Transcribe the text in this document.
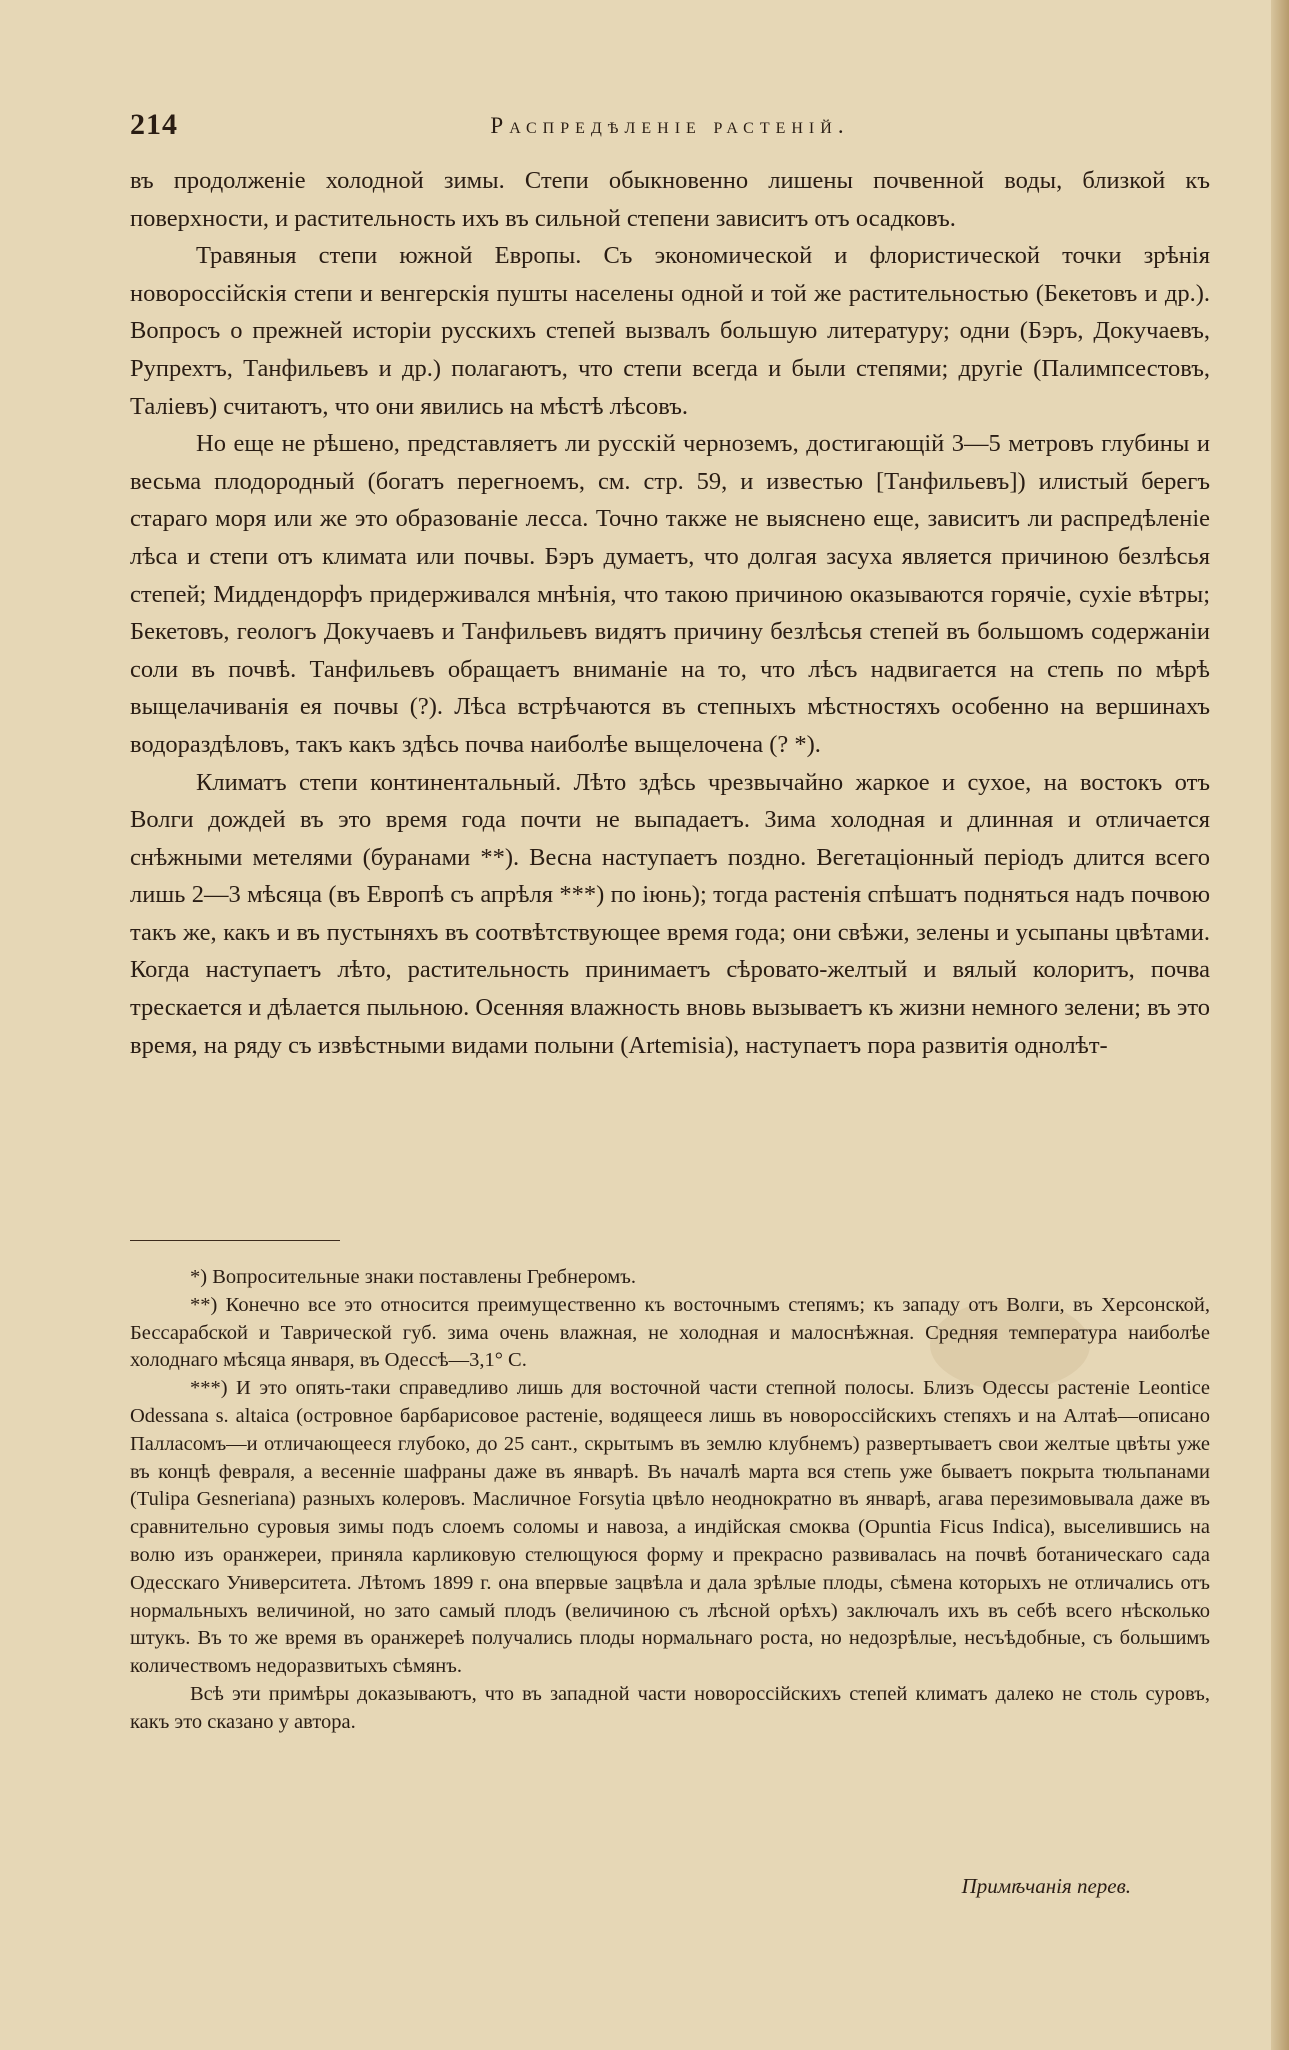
214	Распредѣленіе растеній.

въ продолженіе холодной зимы. Степи обыкновенно лишены почвенной воды, близкой къ поверхности, и растительность ихъ въ сильной степени зависитъ отъ осадковъ.

Травяныя степи южной Европы. Съ экономической и флористической точки зрѣнія новороссійскія степи и венгерскія пушты населены одной и той же растительностью (Бекетовъ и др.). Вопросъ о прежней исторіи русскихъ степей вызвалъ большую литературу; одни (Бэръ, Докучаевъ, Рупрехтъ, Танфильевъ и др.) полагаютъ, что степи всегда и были степями; другіе (Палимпсестовъ, Таліевъ) считаютъ, что они явились на мѣстѣ лѣсовъ.

Но еще не рѣшено, представляетъ ли русскій черноземъ, достигающій 3—5 метровъ глубины и весьма плодородный (богатъ перегноемъ, см. стр. 59, и известью [Танфильевъ]) илистый берегъ стараго моря или же это образованіе лесса. Точно также не выяснено еще, зависитъ ли распредѣленіе лѣса и степи отъ климата или почвы. Бэръ думаетъ, что долгая засуха является причиною безлѣсья степей; Миддендорфъ придерживался мнѣнія, что такою причиною оказываются горячіе, сухіе вѣтры; Бекетовъ, геологъ Докучаевъ и Танфильевъ видятъ причину безлѣсья степей въ большомъ содержаніи соли въ почвѣ. Танфильевъ обращаетъ вниманіе на то, что лѣсъ надвигается на степь по мѣрѣ выщелачиванія ея почвы (?). Лѣса встрѣчаются въ степныхъ мѣстностяхъ особенно на вершинахъ водораздѣловъ, такъ какъ здѣсь почва наиболѣе выщелочена (? *).

Климатъ степи континентальный. Лѣто здѣсь чрезвычайно жаркое и сухое, на востокъ отъ Волги дождей въ это время года почти не выпадаетъ. Зима холодная и длинная и отличается снѣжными метелями (буранами **). Весна наступаетъ поздно. Вегетаціонный періодъ длится всего лишь 2—3 мѣсяца (въ Европѣ съ апрѣля ***) по іюнь); тогда растенія спѣшатъ подняться надъ почвою такъ же, какъ и въ пустыняхъ въ соотвѣтствующее время года; они свѣжи, зелены и усыпаны цвѣтами. Когда наступаетъ лѣто, растительность принимаетъ сѣровато-желтый и вялый колоритъ, почва трескается и дѣлается пыльною. Осенняя влажность вновь вызываетъ къ жизни немного зелени; въ это время, на ряду съ извѣстными видами полыни (Artemisia), наступаетъ пора развитія однолѣт-

*) Вопросительные знаки поставлены Гребнеромъ.

**) Конечно все это относится преимущественно къ восточнымъ степямъ; къ западу отъ Волги, въ Херсонской, Бессарабской и Таврической губ. зима очень влажная, не холодная и малоснѣжная. Средняя температура наиболѣе холоднаго мѣсяца января, въ Одессѣ—3,1° С.

***) И это опять-таки справедливо лишь для восточной части степной полосы. Близъ Одессы растеніе Leontice Odessana s. altaica (островное барбарисовое растеніе, водящееся лишь въ новороссійскихъ степяхъ и на Алтаѣ—описано Палласомъ—и отличающееся глубоко, до 25 сант., скрытымъ въ землю клубнемъ) развертываетъ свои желтые цвѣты уже въ концѣ февраля, а весенніе шафраны даже въ январѣ. Въ началѣ марта вся степь уже бываетъ покрыта тюльпанами (Tulipa Gesneriana) разныхъ колеровъ. Масличное Forsytia цвѣло неоднократно въ январѣ, агава перезимовывала даже въ сравнительно суровыя зимы подъ слоемъ соломы и навоза, а индійская смоква (Opuntia Ficus Indica), выселившись на волю изъ оранжереи, приняла карликовую стелющуюся форму и прекрасно развивалась на почвѣ ботаническаго сада Одесскаго Университета. Лѣтомъ 1899 г. она впервые зацвѣла и дала зрѣлые плоды, сѣмена которыхъ не отличались отъ нормальныхъ величиной, но зато самый плодъ (величиною съ лѣсной орѣхъ) заключалъ ихъ въ себѣ всего нѣсколько штукъ. Въ то же время въ оранжереѣ получались плоды нормальнаго роста, но недозрѣлые, несъѣдобные, съ большимъ количествомъ недоразвитыхъ сѣмянъ.

Всѣ эти примѣры доказываютъ, что въ западной части новороссійскихъ степей климатъ далеко не столь суровъ, какъ это сказано у автора.

Примѣчанія перев.
